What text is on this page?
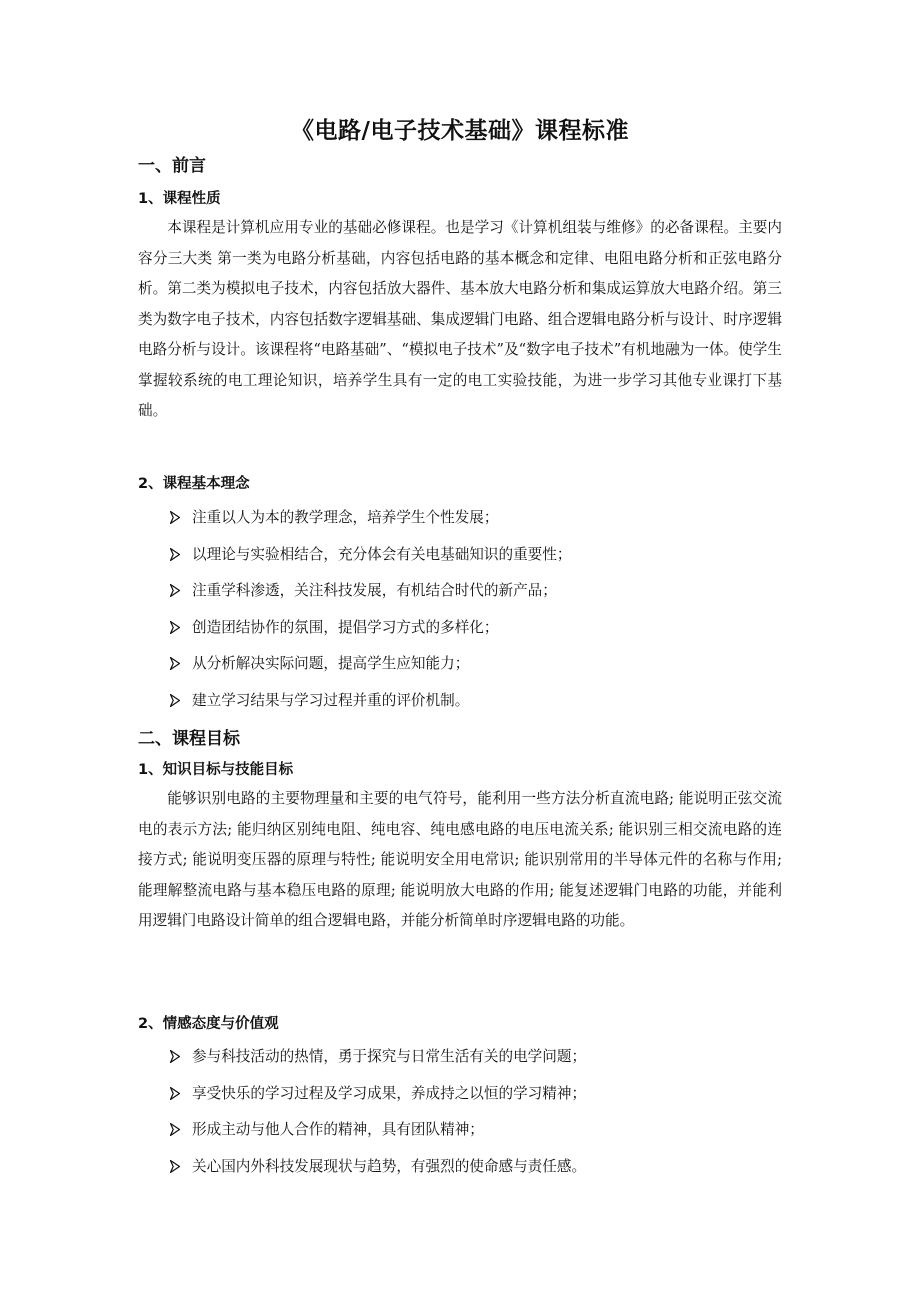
《电路/电子技术基础》课程标准
一、前言
1、课程性质

本课程是计算机应用专业的基础必修课程。也是学习《计算机组装与维修》的必备课程。主要内容分三大类 第一类为电路分析基础，内容包括电路的基本概念和定律、电阻电路分析和正弦电路分析。第二类为模拟电子技术，内容包括放大器件、基本放大电路分析和集成运算放大电路介绍。第三类为数字电子技术，内容包括数字逻辑基础、集成逻辑门电路、组合逻辑电路分析与设计、时序逻辑电路分析与设计。该课程将“电路基础”、“模拟电子技术”及“数字电子技术”有机地融为一体。使学生掌握较系统的电工理论知识，培养学生具有一定的电工实验技能，为进一步学习其他专业课打下基础。

2、课程基本理念
注重以人为本的教学理念，培养学生个性发展；
以理论与实验相结合，充分体会有关电基础知识的重要性；
注重学科渗透，关注科技发展，有机结合时代的新产品；
创造团结协作的氛围，提倡学习方式的多样化；
从分析解决实际问题，提高学生应知能力；
建立学习结果与学习过程并重的评价机制。
二、课程目标
1、知识目标与技能目标

能够识别电路的主要物理量和主要的电气符号，能利用一些方法分析直流电路; 能说明正弦交流电的表示方法; 能归纳区别纯电阻、纯电容、纯电感电路的电压电流关系; 能识别三相交流电路的连接方式; 能说明变压器的原理与特性; 能说明安全用电常识; 能识别常用的半导体元件的名称与作用; 能理解整流电路与基本稳压电路的原理; 能说明放大电路的作用; 能复述逻辑门电路的功能，并能利用逻辑门电路设计简单的组合逻辑电路，并能分析简单时序逻辑电路的功能。

2、情感态度与价值观
参与科技活动的热情，勇于探究与日常生活有关的电学问题；
享受快乐的学习过程及学习成果，养成持之以恒的学习精神；
形成主动与他人合作的精神，具有团队精神；
关心国内外科技发展现状与趋势，有强烈的使命感与责任感。
